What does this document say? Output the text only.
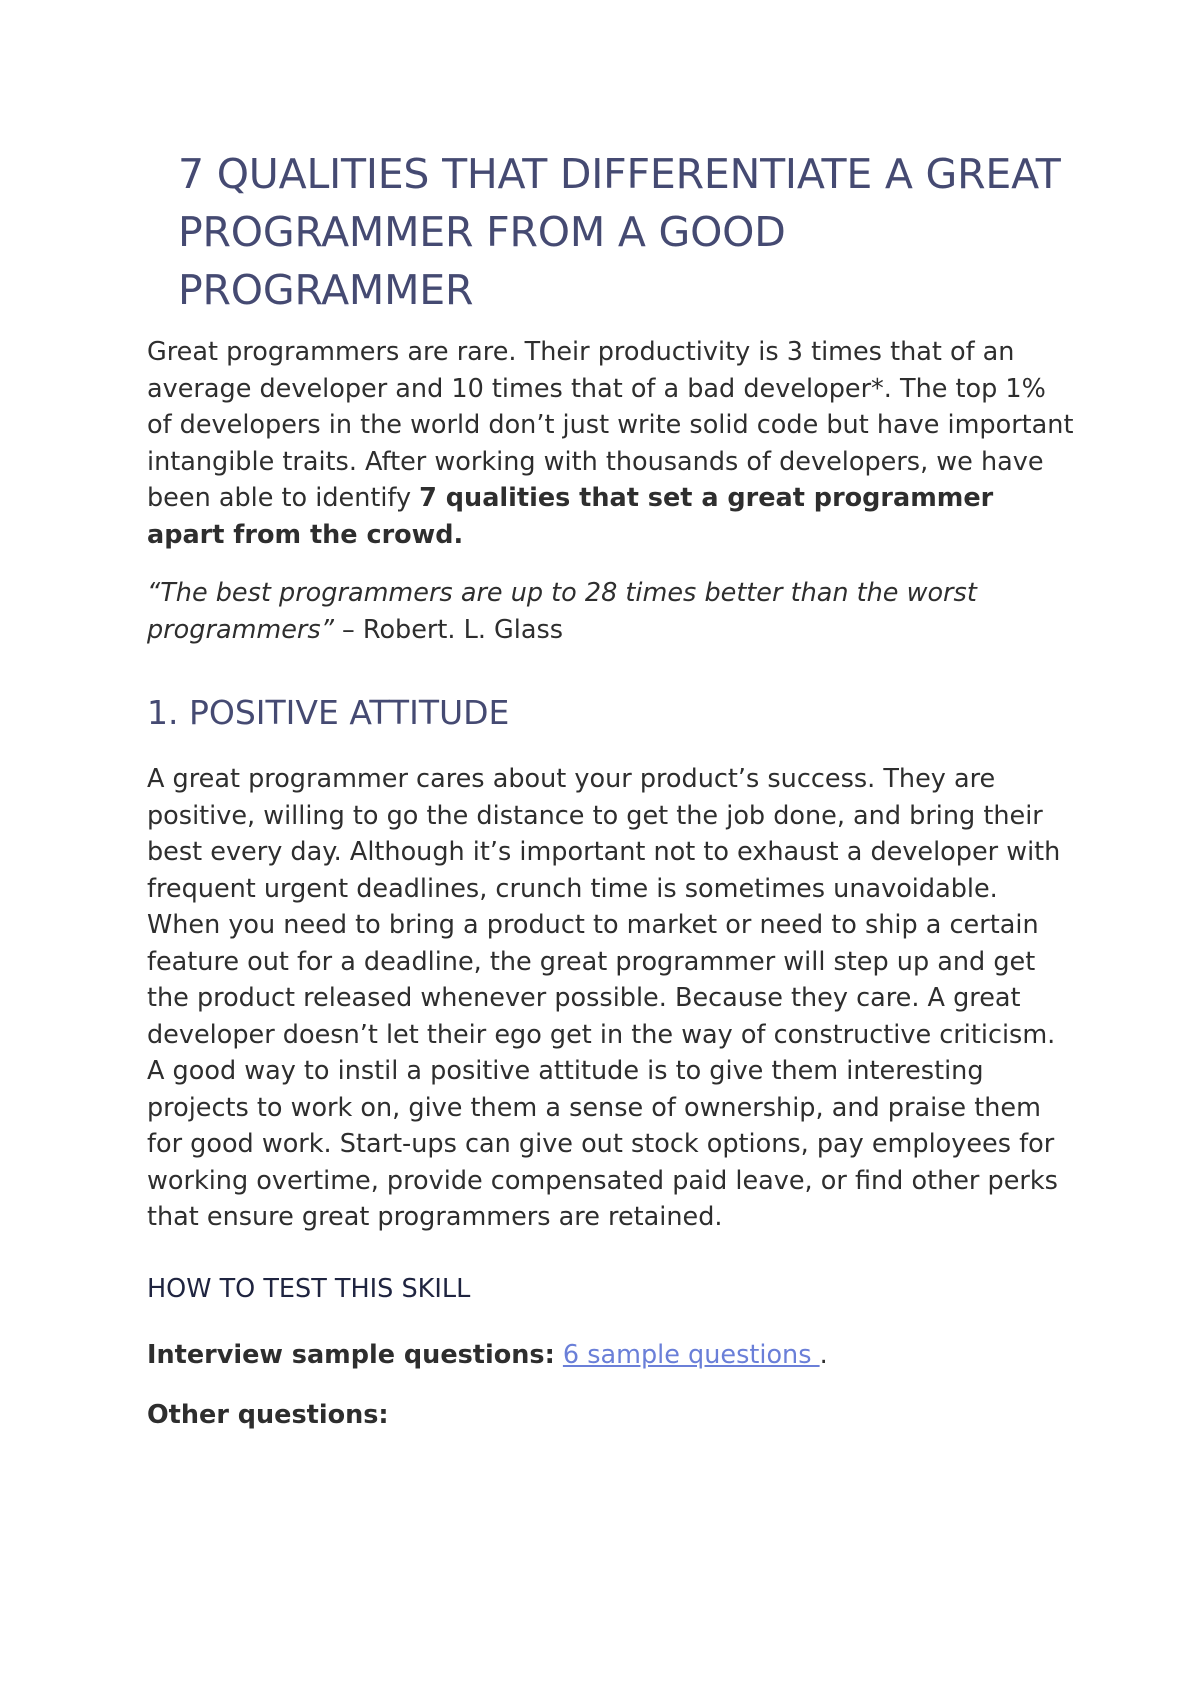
7 QUALITIES THAT DIFFERENTIATE A GREAT PROGRAMMER FROM A GOOD PROGRAMMER

Great programmers are rare. Their productivity is 3 times that of an average developer and 10 times that of a bad developer*. The top 1% of developers in the world don’t just write solid code but have important intangible traits. After working with thousands of developers, we have been able to identify 7 qualities that set a great programmer apart from the crowd.

“The best programmers are up to 28 times better than the worst programmers” – Robert. L. Glass

1. POSITIVE ATTITUDE

A great programmer cares about your product’s success. They are positive, willing to go the distance to get the job done, and bring their best every day. Although it’s important not to exhaust a developer with frequent urgent deadlines, crunch time is sometimes unavoidable. When you need to bring a product to market or need to ship a certain feature out for a deadline, the great programmer will step up and get the product released whenever possible. Because they care. A great developer doesn’t let their ego get in the way of constructive criticism. A good way to instil a positive attitude is to give them interesting projects to work on, give them a sense of ownership, and praise them for good work. Start-ups can give out stock options, pay employees for working overtime, provide compensated paid leave, or find other perks that ensure great programmers are retained.

HOW TO TEST THIS SKILL

Interview sample questions: 6 sample questions .

Other questions:
